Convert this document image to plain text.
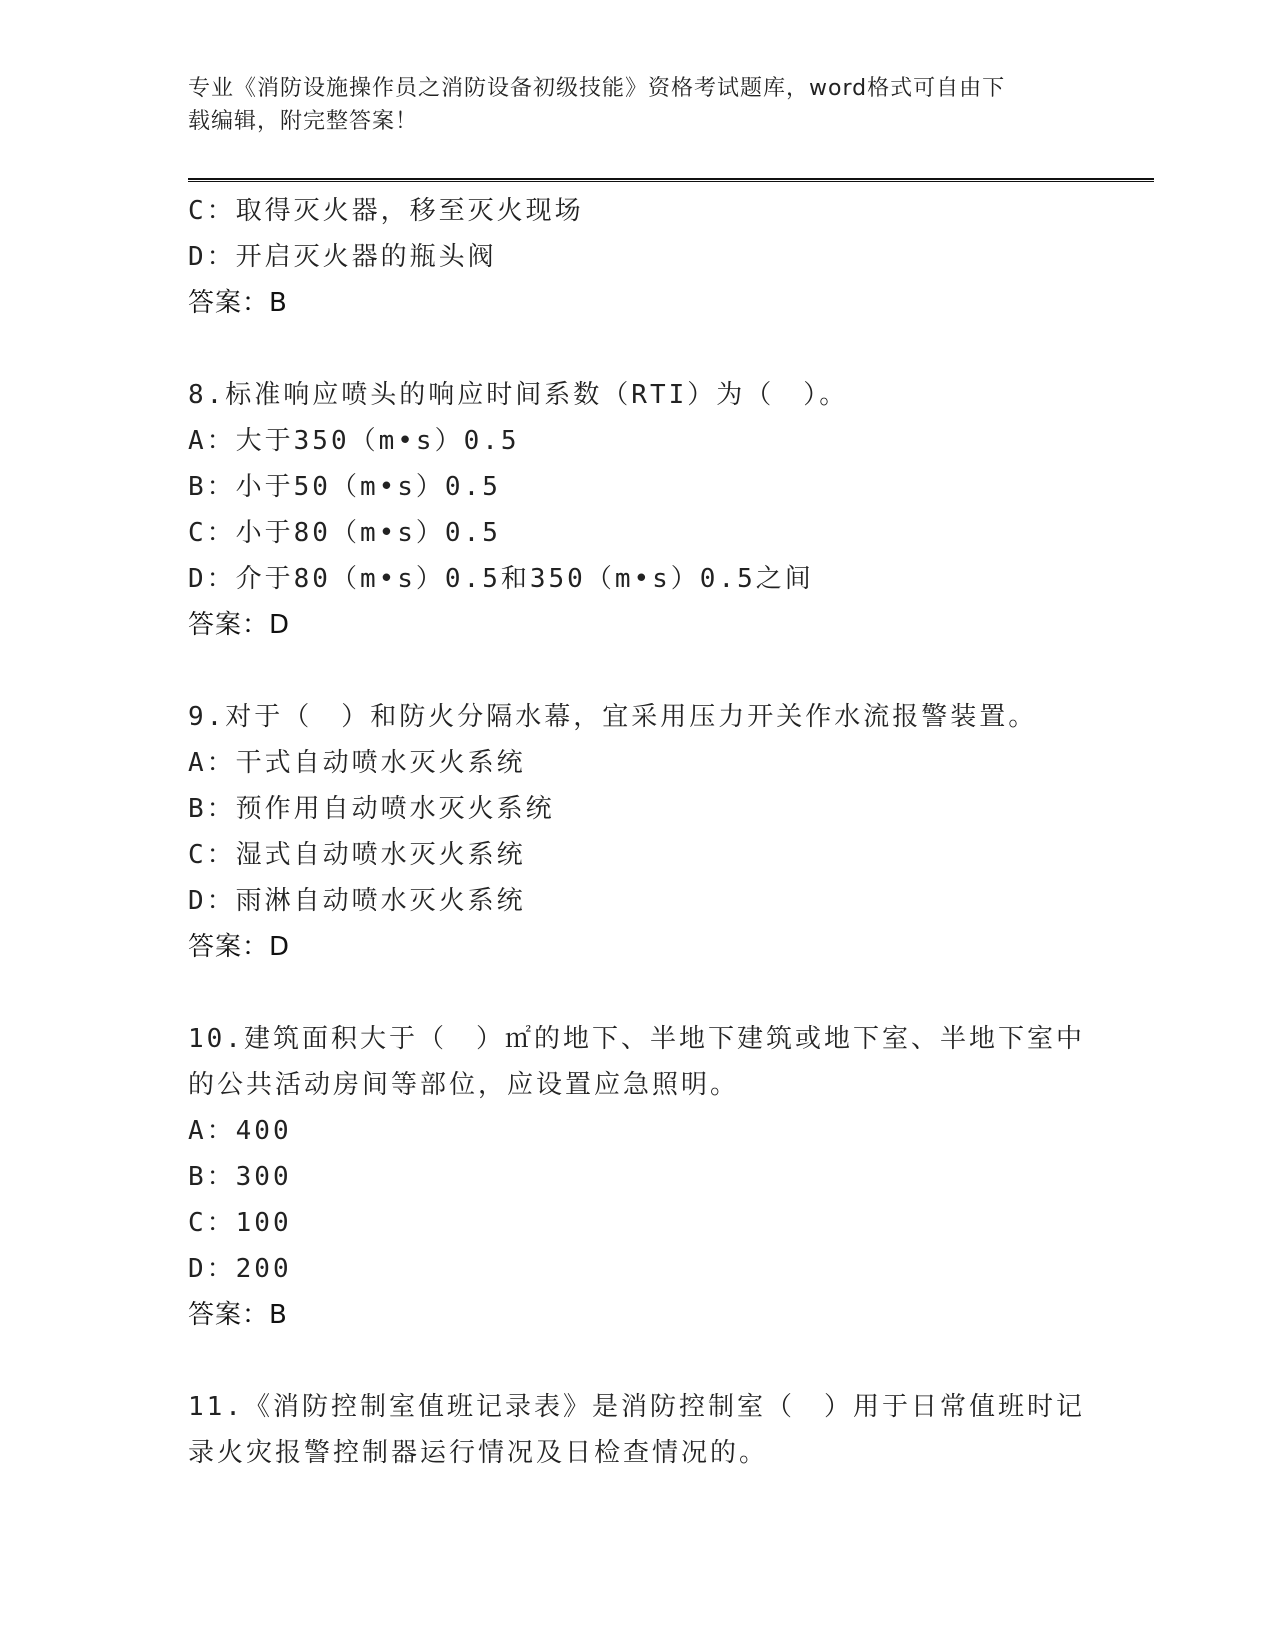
专业《消防设施操作员之消防设备初级技能》资格考试题库，word格式可自由下
载编辑，附完整答案！
C：取得灭火器，移至灭火现场
D：开启灭火器的瓶头阀
答案：B
8.标准响应喷头的响应时间系数（RTI）为（　）。
A：大于350（m•s）0.5
B：小于50（m•s）0.5
C：小于80（m•s）0.5
D：介于80（m•s）0.5和350（m•s）0.5之间
答案：D
9.对于（　）和防火分隔水幕，宜采用压力开关作水流报警装置。
A：干式自动喷水灭火系统
B：预作用自动喷水灭火系统
C：湿式自动喷水灭火系统
D：雨淋自动喷水灭火系统
答案：D
10.建筑面积大于（　）㎡的地下、半地下建筑或地下室、半地下室中
的公共活动房间等部位，应设置应急照明。
A：400
B：300
C：100
D：200
答案：B
11.《消防控制室值班记录表》是消防控制室（　）用于日常值班时记
录火灾报警控制器运行情况及日检查情况的。
